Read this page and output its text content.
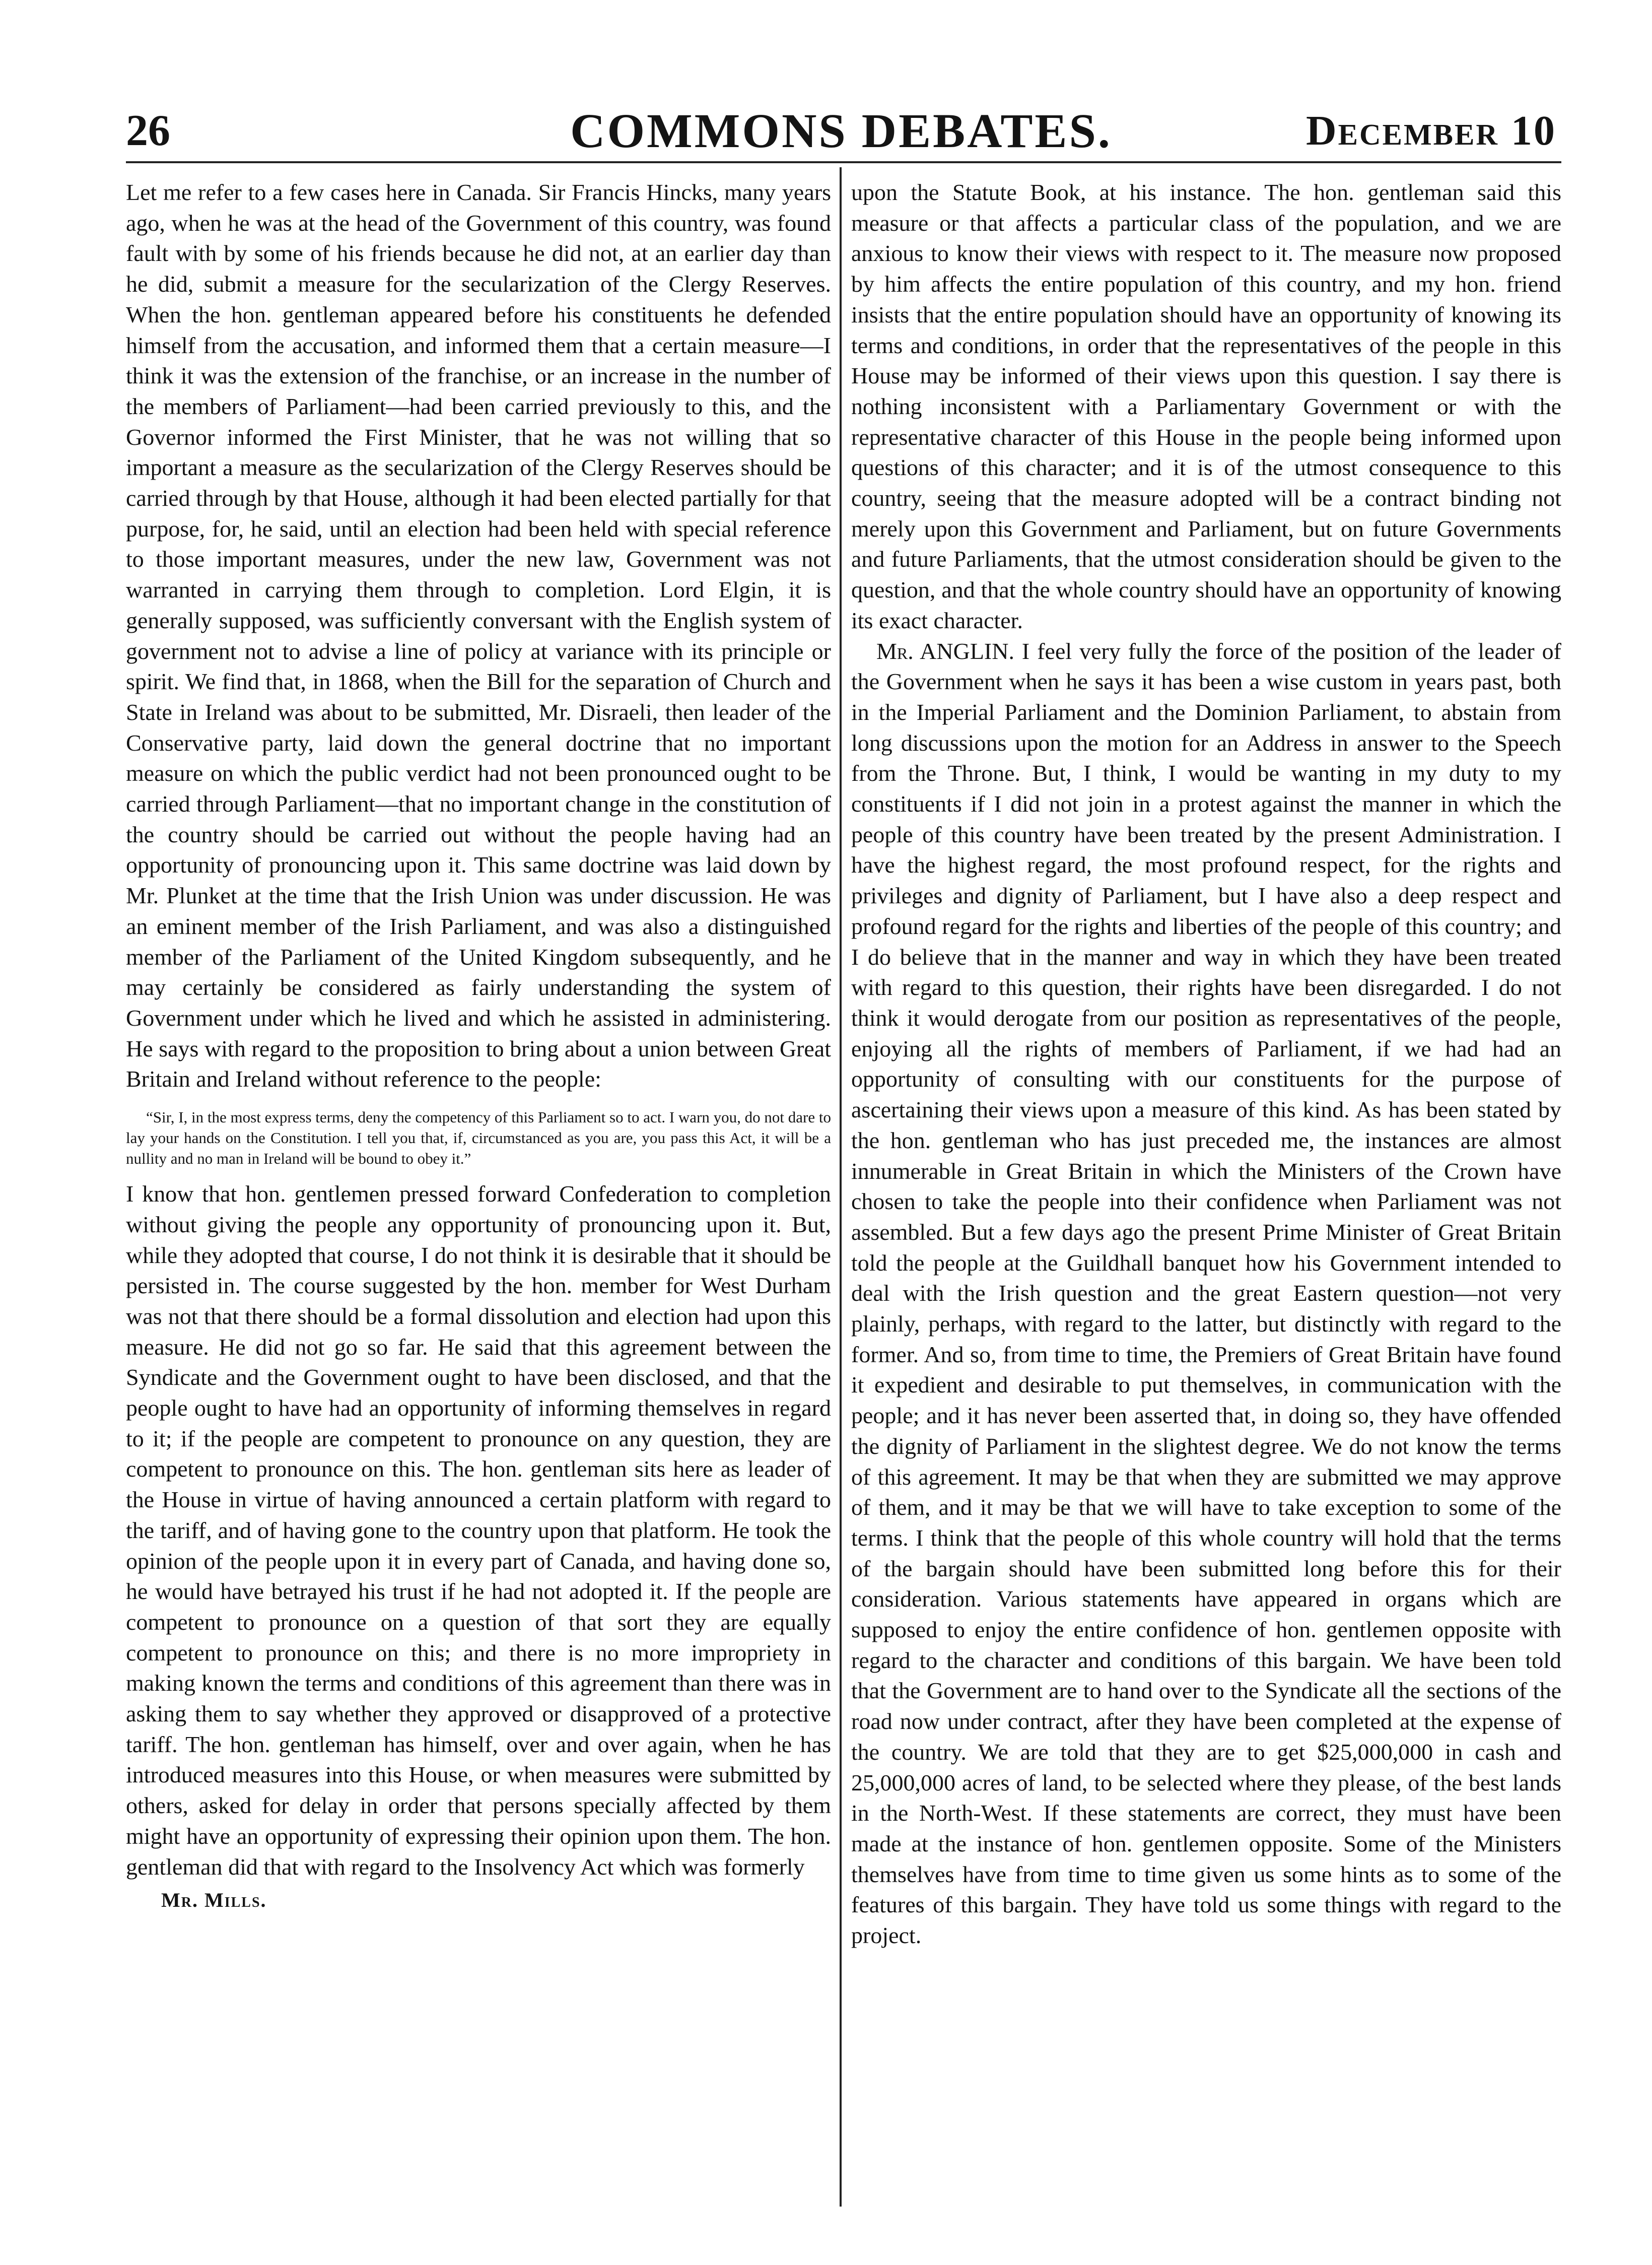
26	COMMONS DEBATES.	December 10

Let me refer to a few cases here in Canada. Sir Francis Hincks, many years ago, when he was at the head of the Government of this country, was found fault with by some of his friends because he did not, at an earlier day than he did, submit a measure for the secularization of the Clergy Reserves. When the hon. gentleman appeared before his constituents he defended himself from the accusation, and informed them that a certain measure—I think it was the extension of the franchise, or an increase in the number of the members of Parliament—had been carried previously to this, and the Governor informed the First Minister, that he was not willing that so important a measure as the secularization of the Clergy Reserves should be carried through by that House, although it had been elected partially for that purpose, for, he said, until an election had been held with special reference to those important measures, under the new law, Government was not warranted in carrying them through to completion. Lord Elgin, it is generally supposed, was sufficiently conversant with the English system of government not to advise a line of policy at variance with its principle or spirit. We find that, in 1868, when the Bill for the separation of Church and State in Ireland was about to be submitted, Mr. Disraeli, then leader of the Conservative party, laid down the general doctrine that no important measure on which the public verdict had not been pronounced ought to be carried through Parliament—that no important change in the constitution of the country should be carried out without the people having had an opportunity of pronouncing upon it. This same doctrine was laid down by Mr. Plunket at the time that the Irish Union was under discussion. He was an eminent member of the Irish Parliament, and was also a distinguished member of the Parliament of the United Kingdom subsequently, and he may certainly be considered as fairly understanding the system of Government under which he lived and which he assisted in administering. He says with regard to the proposition to bring about a union between Great Britain and Ireland without reference to the people:

“Sir, I, in the most express terms, deny the competency of this Parliament so to act. I warn you, do not dare to lay your hands on the Constitution. I tell you that, if, circumstanced as you are, you pass this Act, it will be a nullity and no man in Ireland will be bound to obey it.”

I know that hon. gentlemen pressed forward Confederation to completion without giving the people any opportunity of pronouncing upon it. But, while they adopted that course, I do not think it is desirable that it should be persisted in. The course suggested by the hon. member for West Durham was not that there should be a formal dissolution and election had upon this measure. He did not go so far. He said that this agreement between the Syndicate and the Government ought to have been disclosed, and that the people ought to have had an opportunity of informing themselves in regard to it; if the people are competent to pronounce on any question, they are competent to pronounce on this. The hon. gentleman sits here as leader of the House in virtue of having announced a certain platform with regard to the tariff, and of having gone to the country upon that platform. He took the opinion of the people upon it in every part of Canada, and having done so, he would have betrayed his trust if he had not adopted it. If the people are competent to pronounce on a question of that sort they are equally competent to pronounce on this; and there is no more impropriety in making known the terms and conditions of this agreement than there was in asking them to say whether they approved or disapproved of a protective tariff. The hon. gentleman has himself, over and over again, when he has introduced measures into this House, or when measures were submitted by others, asked for delay in order that persons specially affected by them might have an opportunity of expressing their opinion upon them. The hon. gentleman did that with regard to the Insolvency Act which was formerly

Mr. Mills.

upon the Statute Book, at his instance. The hon. gentleman said this measure or that affects a particular class of the population, and we are anxious to know their views with respect to it. The measure now proposed by him affects the entire population of this country, and my hon. friend insists that the entire population should have an opportunity of knowing its terms and conditions, in order that the representatives of the people in this House may be informed of their views upon this question. I say there is nothing inconsistent with a Parliamentary Government or with the representative character of this House in the people being informed upon questions of this character; and it is of the utmost consequence to this country, seeing that the measure adopted will be a contract binding not merely upon this Government and Parliament, but on future Governments and future Parliaments, that the utmost consideration should be given to the question, and that the whole country should have an opportunity of knowing its exact character.

Mr. ANGLIN. I feel very fully the force of the position of the leader of the Government when he says it has been a wise custom in years past, both in the Imperial Parliament and the Dominion Parliament, to abstain from long discussions upon the motion for an Address in answer to the Speech from the Throne. But, I think, I would be wanting in my duty to my constituents if I did not join in a protest against the manner in which the people of this country have been treated by the present Administration. I have the highest regard, the most profound respect, for the rights and privileges and dignity of Parliament, but I have also a deep respect and profound regard for the rights and liberties of the people of this country; and I do believe that in the manner and way in which they have been treated with regard to this question, their rights have been disregarded. I do not think it would derogate from our position as representatives of the people, enjoying all the rights of members of Parliament, if we had had an opportunity of consulting with our constituents for the purpose of ascertaining their views upon a measure of this kind. As has been stated by the hon. gentleman who has just preceded me, the instances are almost innumerable in Great Britain in which the Ministers of the Crown have chosen to take the people into their confidence when Parliament was not assembled. But a few days ago the present Prime Minister of Great Britain told the people at the Guildhall banquet how his Government intended to deal with the Irish question and the great Eastern question—not very plainly, perhaps, with regard to the latter, but distinctly with regard to the former. And so, from time to time, the Premiers of Great Britain have found it expedient and desirable to put themselves, in communication with the people; and it has never been asserted that, in doing so, they have offended the dignity of Parliament in the slightest degree. We do not know the terms of this agreement. It may be that when they are submitted we may approve of them, and it may be that we will have to take exception to some of the terms. I think that the people of this whole country will hold that the terms of the bargain should have been submitted long before this for their consideration. Various statements have appeared in organs which are supposed to enjoy the entire confidence of hon. gentlemen opposite with regard to the character and conditions of this bargain. We have been told that the Government are to hand over to the Syndicate all the sections of the road now under contract, after they have been completed at the expense of the country. We are told that they are to get $25,000,000 in cash and 25,000,000 acres of land, to be selected where they please, of the best lands in the North-West. If these statements are correct, they must have been made at the instance of hon. gentlemen opposite. Some of the Ministers themselves have from time to time given us some hints as to some of the features of this bargain. They have told us some things with regard to the project.
